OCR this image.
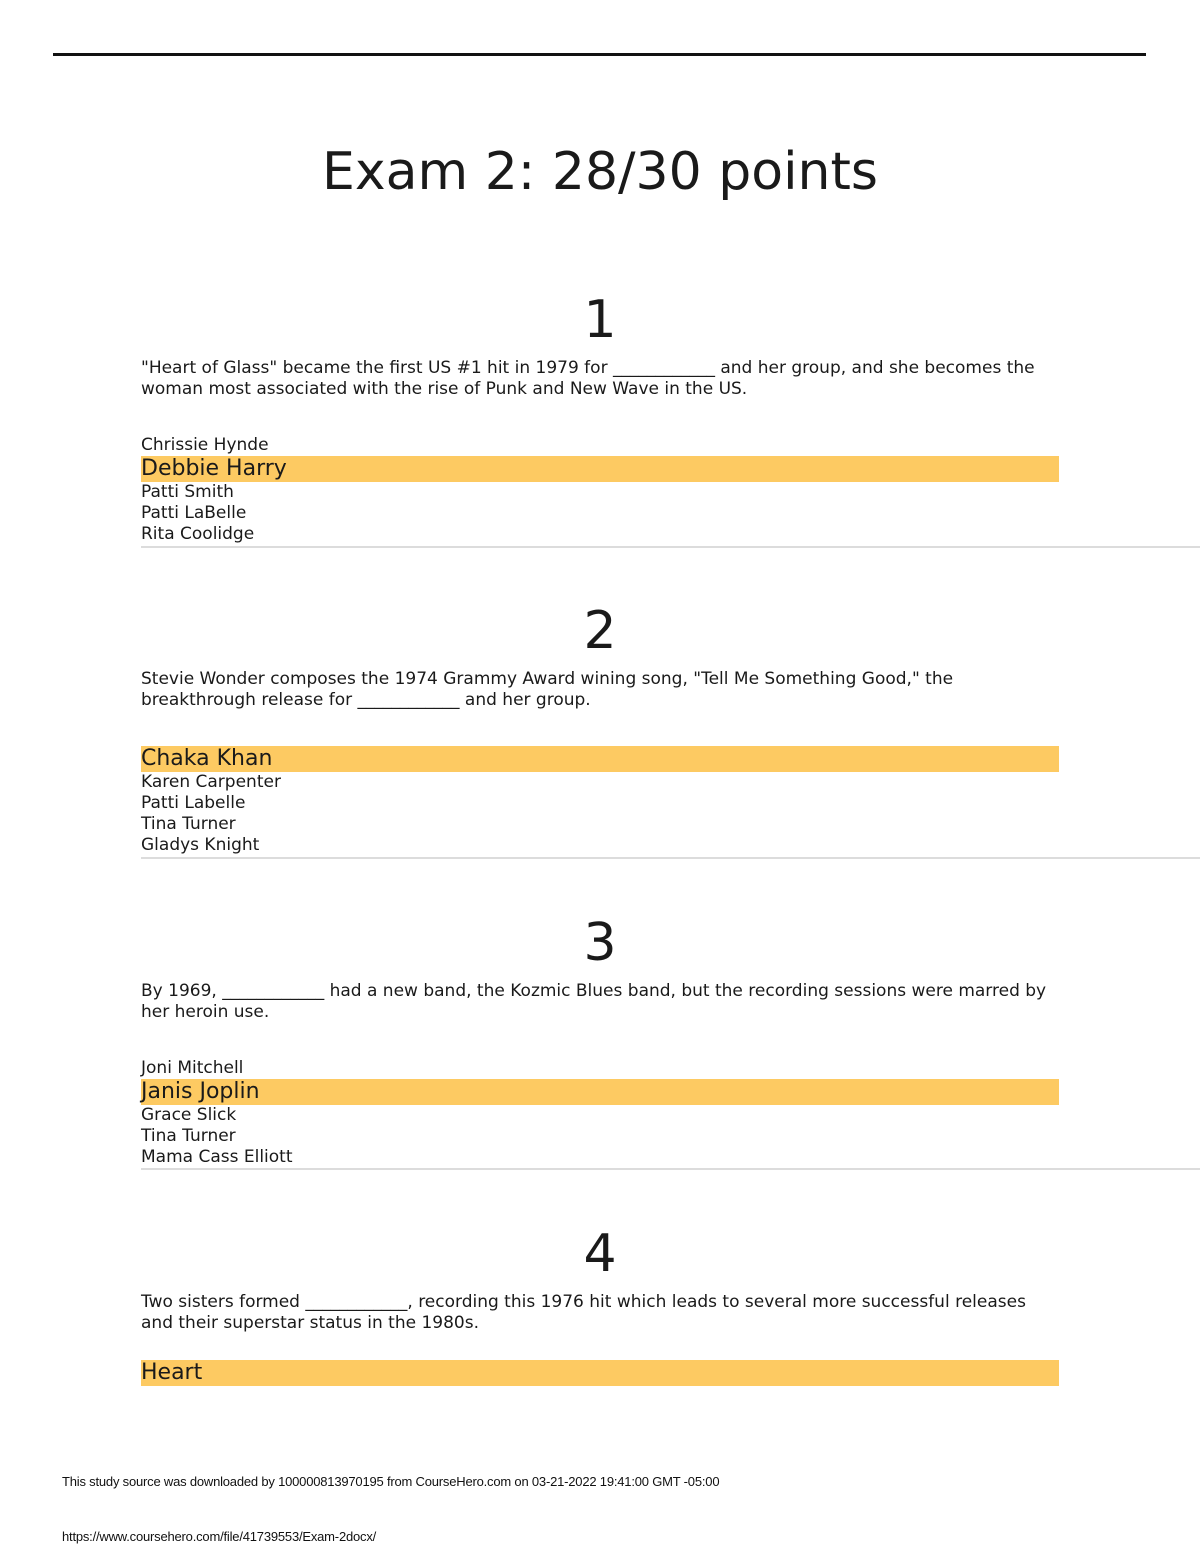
Exam 2: 28/30 points
1
"Heart of Glass" became the first US #1 hit in 1979 for ____________ and her group, and she becomes the woman most associated with the rise of Punk and New Wave in the US.
Chrissie Hynde
Debbie Harry
Patti Smith
Patti LaBelle
Rita Coolidge
2
Stevie Wonder composes the 1974 Grammy Award wining song, "Tell Me Something Good," the breakthrough release for ____________ and her group.
Chaka Khan
Karen Carpenter
Patti Labelle
Tina Turner
Gladys Knight
3
By 1969, ____________ had a new band, the Kozmic Blues band, but the recording sessions were marred by her heroin use.
Joni Mitchell
Janis Joplin
Grace Slick
Tina Turner
Mama Cass Elliott
4
Two sisters formed ____________, recording this 1976 hit which leads to several more successful releases and their superstar status in the 1980s.
Heart
This study source was downloaded by 100000813970195 from CourseHero.com on 03-21-2022 19:41:00 GMT -05:00
https://www.coursehero.com/file/41739553/Exam-2docx/
